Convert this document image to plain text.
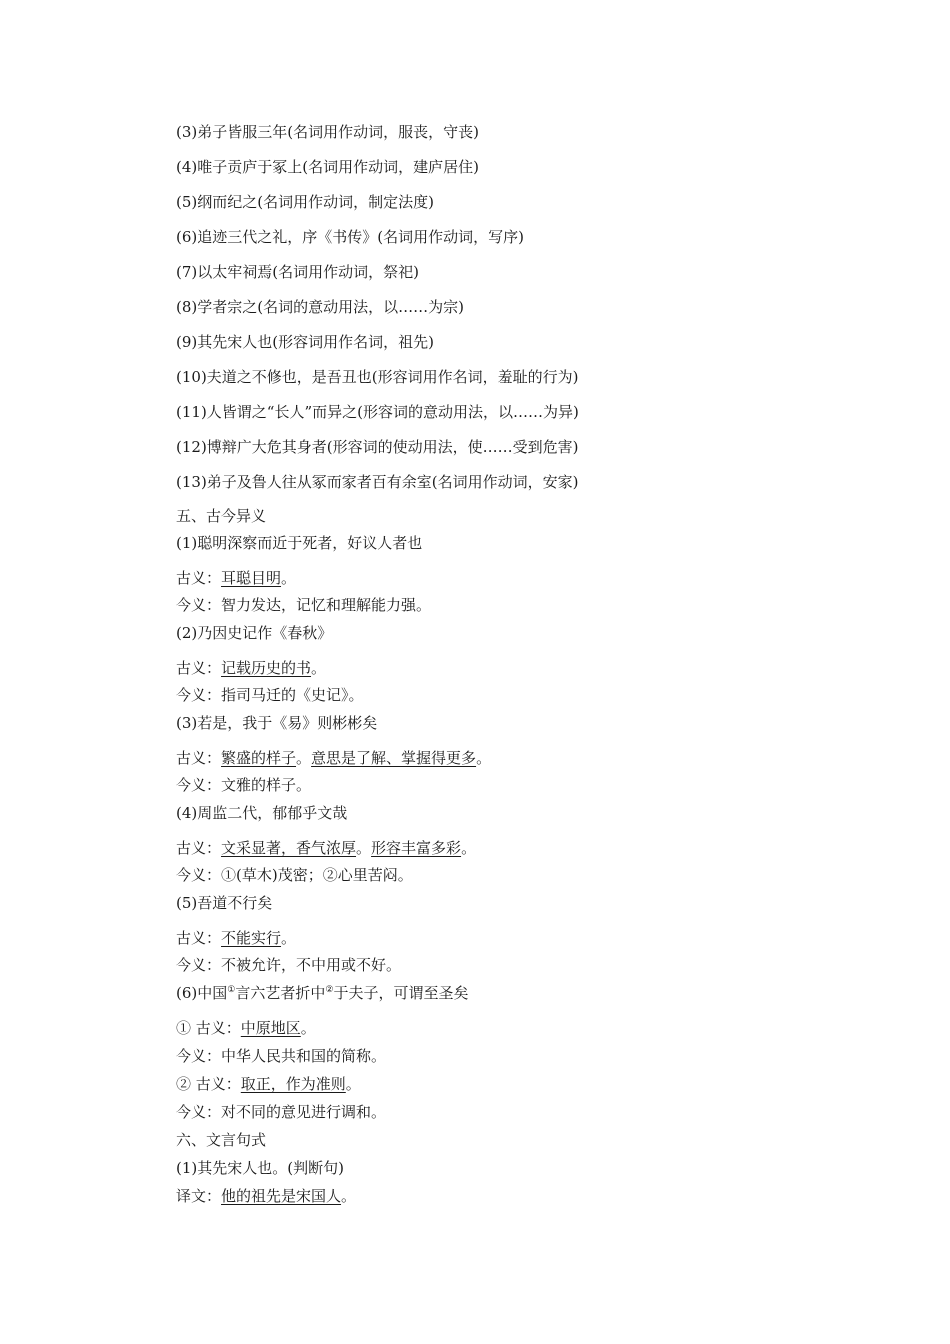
(3)弟子皆服三年(名词用作动词，服丧，守丧)
(4)唯子贡庐于冢上(名词用作动词，建庐居住)
(5)纲而纪之(名词用作动词，制定法度)
(6)追迹三代之礼，序《书传》(名词用作动词，写序)
(7)以太牢祠焉(名词用作动词，祭祀)
(8)学者宗之(名词的意动用法，以……为宗)
(9)其先宋人也(形容词用作名词，祖先)
(10)夫道之不修也，是吾丑也(形容词用作名词，羞耻的行为)
(11)人皆谓之“长人”而异之(形容词的意动用法，以……为异)
(12)博辩广大危其身者(形容词的使动用法，使……受到危害)
(13)弟子及鲁人往从冢而家者百有余室(名词用作动词，安家)
五、古今异义
(1)聪明深察而近于死者，好议人者也
古义：耳聪目明。
今义：智力发达，记忆和理解能力强。
(2)乃因史记作《春秋》
古义：记载历史的书。
今义：指司马迁的《史记》。
(3)若是，我于《易》则彬彬矣
古义：繁盛的样子。意思是了解、掌握得更多。
今义：文雅的样子。
(4)周监二代，郁郁乎文哉
古义：文采显著，香气浓厚。形容丰富多彩。
今义：①(草木)茂密；②心里苦闷。
(5)吾道不行矣
古义：不能实行。
今义：不被允许，不中用或不好。
(6)中国①言六艺者折中②于夫子，可谓至圣矣
① 古义：中原地区。
今义：中华人民共和国的简称。
② 古义：取正，作为准则。
今义：对不同的意见进行调和。
六、文言句式
(1)其先宋人也。(判断句)
译文：他的祖先是宋国人。
